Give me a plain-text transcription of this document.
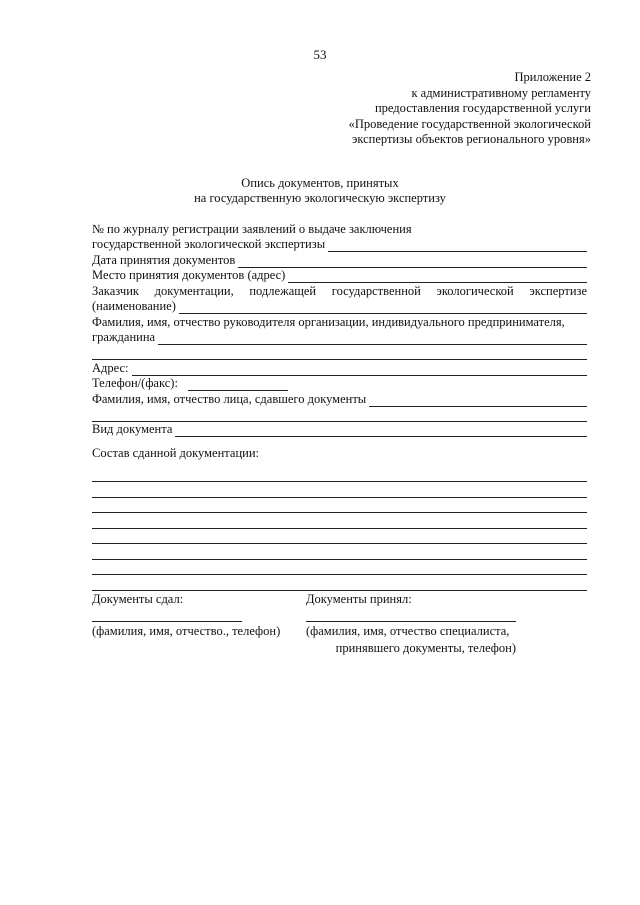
53
Приложение 2
к административному регламенту
предоставления государственной услуги
«Проведение государственной экологической
экспертизы объектов регионального уровня»
Опись документов, принятых
на государственную экологическую экспертизу
№ по журналу регистрации заявлений о выдаче заключения
государственной экологической экспертизы
Дата принятия документов
Место принятия документов (адрес)
Заказчик документации, подлежащей государственной экологической экспертизе
(наименование)
Фамилия, имя, отчество руководителя организации, индивидуального предпринимателя,
гражданина
Адрес:
Телефон/(факс):
Фамилия, имя, отчество лица, сдавшего документы
Вид документа
Состав сданной документации:
Документы сдал:
(фамилия, имя, отчество., телефон)
Документы принял:
(фамилия, имя, отчество специалиста,
принявшего документы, телефон)
